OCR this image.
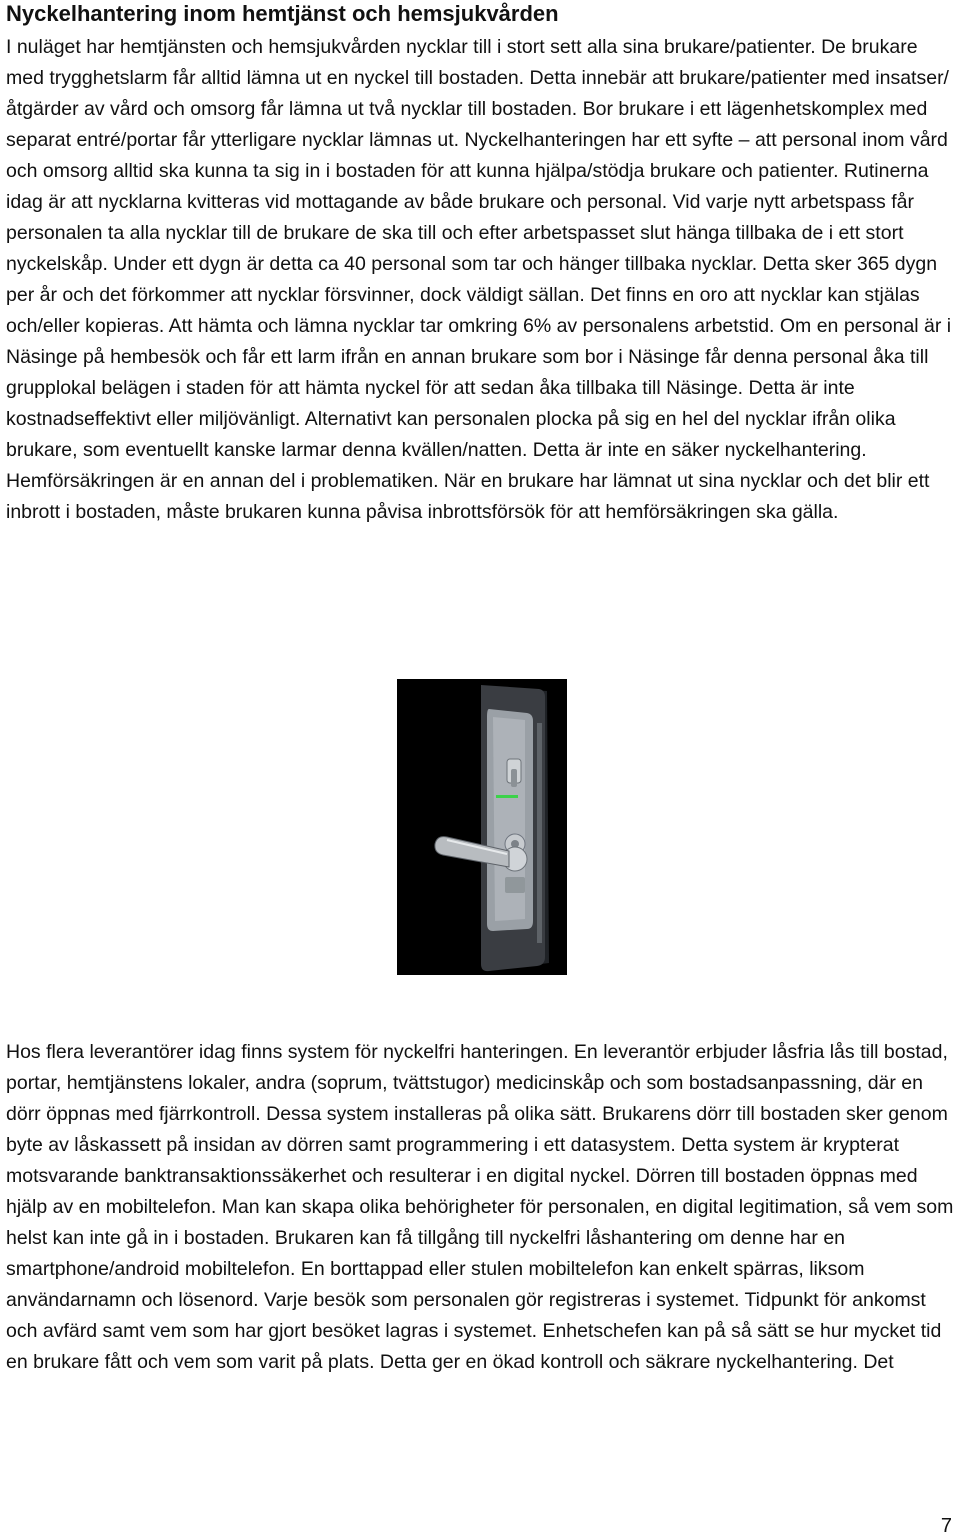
Nyckelhantering inom hemtjänst och hemsjukvården

I nuläget har hemtjänsten och hemsjukvården nycklar till i stort sett alla sina brukare/patienter. De brukare med trygghetslarm får alltid lämna ut en nyckel till bostaden. Detta innebär att brukare/patienter med insatser/åtgärder av vård och omsorg får lämna ut två nycklar till bostaden. Bor brukare i ett lägenhetskomplex med separat entré/portar får ytterligare nycklar lämnas ut. Nyckelhanteringen har ett syfte – att personal inom vård och omsorg alltid ska kunna ta sig in i bostaden för att kunna hjälpa/stödja brukare och patienter. Rutinerna idag är att nycklarna kvitteras vid mottagande av både brukare och personal. Vid varje nytt arbetspass får personalen ta alla nycklar till de brukare de ska till och efter arbetspasset slut hänga tillbaka de i ett stort nyckelskåp. Under ett dygn är detta ca 40 personal som tar och hänger tillbaka nycklar. Detta sker 365 dygn per år och det förkommer att nycklar försvinner, dock väldigt sällan. Det finns en oro att nycklar kan stjälas och/eller kopieras. Att hämta och lämna nycklar tar omkring 6% av personalens arbetstid. Om en personal är i Näsinge på hembesök och får ett larm ifrån en annan brukare som bor i Näsinge får denna personal åka till grupplokal belägen i staden för att hämta nyckel för att sedan åka tillbaka till Näsinge. Detta är inte kostnadseffektivt eller miljövänligt. Alternativt kan personalen plocka på sig en hel del nycklar ifrån olika brukare, som eventuellt kanske larmar denna kvällen/natten. Detta är inte en säker nyckelhantering. Hemförsäkringen är en annan del i problematiken. När en brukare har lämnat ut sina nycklar och det blir ett inbrott i bostaden, måste brukaren kunna påvisa inbrottsförsök för att hemförsäkringen ska gälla.

Hos flera leverantörer idag finns system för nyckelfri hanteringen. En leverantör erbjuder låsfria lås till bostad, portar, hemtjänstens lokaler, andra (soprum, tvättstugor) medicinskåp och som bostadsanpassning, där en dörr öppnas med fjärrkontroll. Dessa system installeras på olika sätt. Brukarens dörr till bostaden sker genom byte av låskassett på insidan av dörren samt programmering i ett datasystem. Detta system är krypterat motsvarande banktransaktionssäkerhet och resulterar i en digital nyckel. Dörren till bostaden öppnas med hjälp av en mobiltelefon. Man kan skapa olika behörigheter för personalen, en digital legitimation, så vem som helst kan inte gå in i bostaden. Brukaren kan få tillgång till nyckelfri låshantering om denne har en smartphone/android mobiltelefon. En borttappad eller stulen mobiltelefon kan enkelt spärras, liksom användarnamn och lösenord. Varje besök som personalen gör registreras i systemet. Tidpunkt för ankomst och avfärd samt vem som har gjort besöket lagras i systemet. Enhetschefen kan på så sätt se hur mycket tid en brukare fått och vem som varit på plats. Detta ger en ökad kontroll och säkrare nyckelhantering. Det

7
